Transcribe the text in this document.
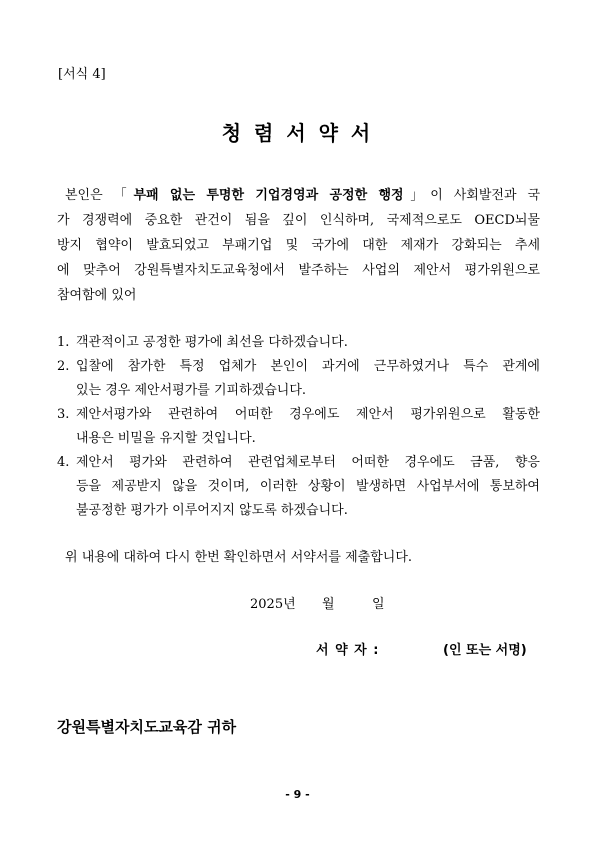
[서식 4]
청 렴 서 약 서
본인은 「부패 없는 투명한 기업경영과 공정한 행정」이 사회발전과 국
가 경쟁력에 중요한 관건이 됨을 깊이 인식하며, 국제적으로도 OECD뇌물
방지 협약이 발효되었고 부패기업 및 국가에 대한 제재가 강화되는 추세
에 맞추어 강원특별자치도교육청에서 발주하는 사업의 제안서 평가위원으로
참여함에 있어
1. 객관적이고 공정한 평가에 최선을 다하겠습니다.
2. 입찰에 참가한 특정 업체가 본인이 과거에 근무하였거나 특수 관계에
있는 경우 제안서평가를 기피하겠습니다.
3. 제안서평가와 관련하여 어떠한 경우에도 제안서 평가위원으로 활동한
내용은 비밀을 유지할 것입니다.
4. 제안서 평가와 관련하여 관련업체로부터 어떠한 경우에도 금품, 향응
등을 제공받지 않을 것이며, 이러한 상황이 발생하면 사업부서에 통보하여
불공정한 평가가 이루어지지 않도록 하겠습니다.
위 내용에 대하여 다시 한번 확인하면서 서약서를 제출합니다.
2025년 월	일
서 약 자 :	(인 또는 서명)
강원특별자치도교육감 귀하
- 9 -
